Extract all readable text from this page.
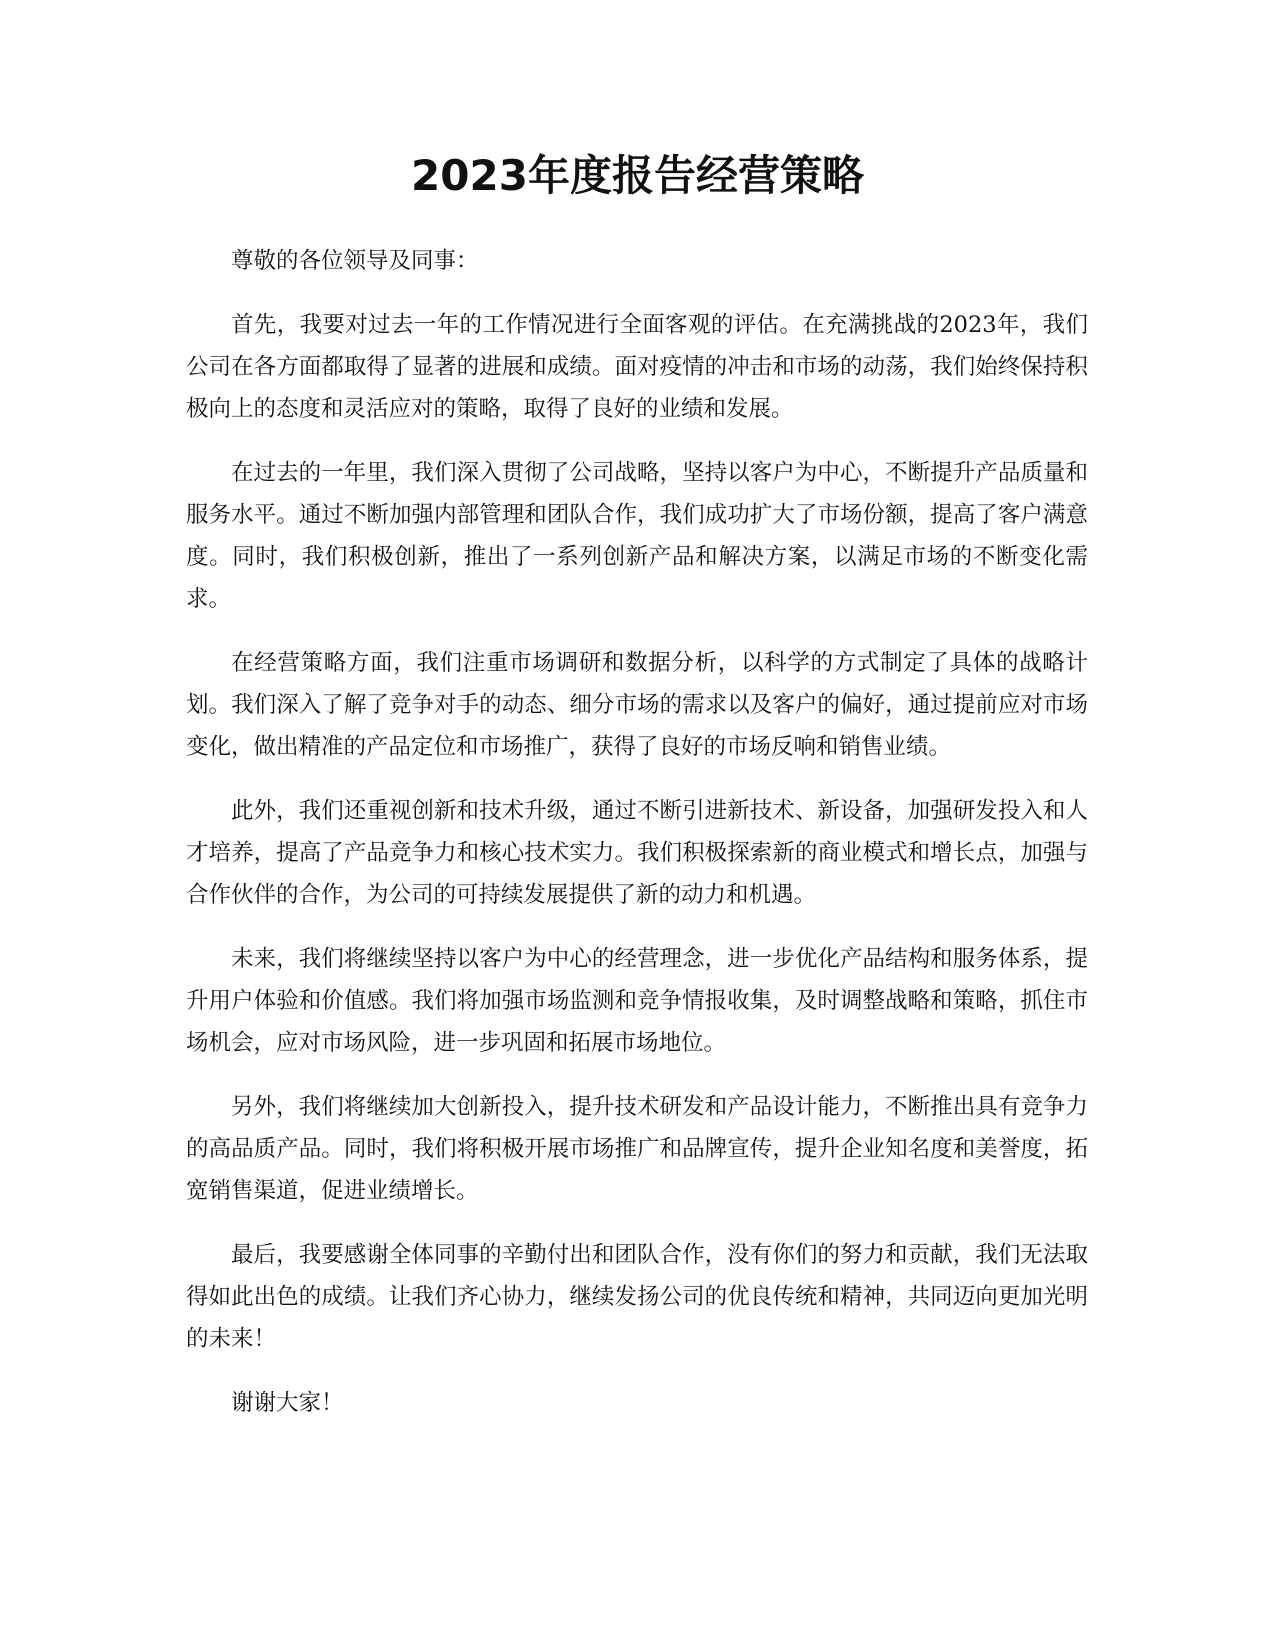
2023年度报告经营策略

尊敬的各位领导及同事：

首先，我要对过去一年的工作情况进行全面客观的评估。在充满挑战的2023年，我们公司在各方面都取得了显著的进展和成绩。面对疫情的冲击和市场的动荡，我们始终保持积极向上的态度和灵活应对的策略，取得了良好的业绩和发展。

在过去的一年里，我们深入贯彻了公司战略，坚持以客户为中心，不断提升产品质量和服务水平。通过不断加强内部管理和团队合作，我们成功扩大了市场份额，提高了客户满意度。同时，我们积极创新，推出了一系列创新产品和解决方案，以满足市场的不断变化需求。

在经营策略方面，我们注重市场调研和数据分析，以科学的方式制定了具体的战略计划。我们深入了解了竞争对手的动态、细分市场的需求以及客户的偏好，通过提前应对市场变化，做出精准的产品定位和市场推广，获得了良好的市场反响和销售业绩。

此外，我们还重视创新和技术升级，通过不断引进新技术、新设备，加强研发投入和人才培养，提高了产品竞争力和核心技术实力。我们积极探索新的商业模式和增长点，加强与合作伙伴的合作，为公司的可持续发展提供了新的动力和机遇。

未来，我们将继续坚持以客户为中心的经营理念，进一步优化产品结构和服务体系，提升用户体验和价值感。我们将加强市场监测和竞争情报收集，及时调整战略和策略，抓住市场机会，应对市场风险，进一步巩固和拓展市场地位。

另外，我们将继续加大创新投入，提升技术研发和产品设计能力，不断推出具有竞争力的高品质产品。同时，我们将积极开展市场推广和品牌宣传，提升企业知名度和美誉度，拓宽销售渠道，促进业绩增长。

最后，我要感谢全体同事的辛勤付出和团队合作，没有你们的努力和贡献，我们无法取得如此出色的成绩。让我们齐心协力，继续发扬公司的优良传统和精神，共同迈向更加光明的未来！

谢谢大家！
